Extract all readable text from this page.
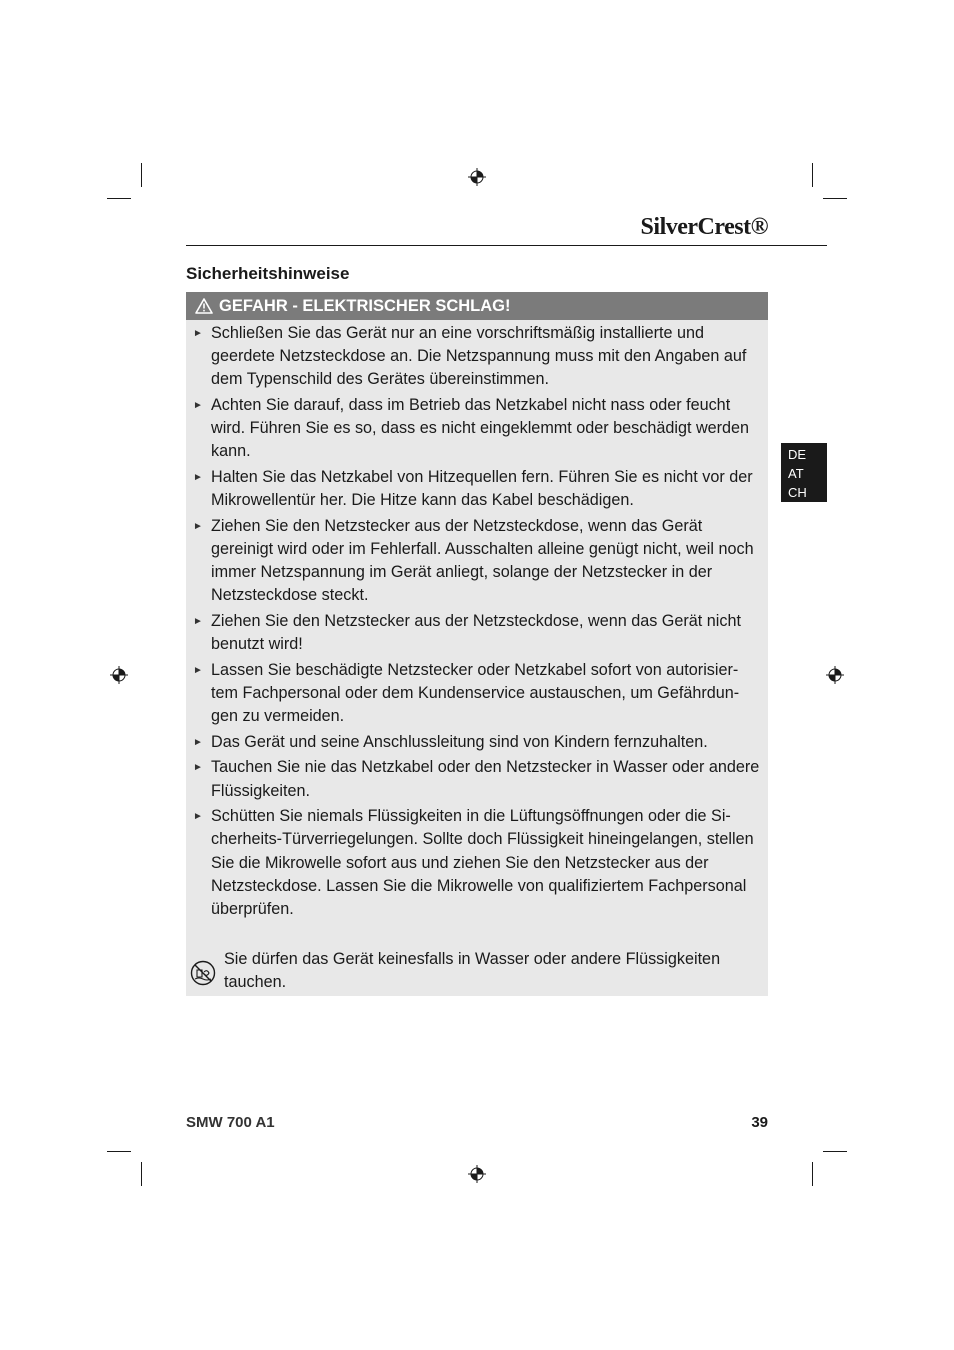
SilverCrest®
Sicherheitshinweise
GEFAHR - ELEKTRISCHER SCHLAG!
► Schließen Sie das Gerät nur an eine vorschriftsmäßig installierte und geerdete Netzsteckdose an. Die Netzspannung muss mit den Angaben auf dem Typenschild des Gerätes übereinstimmen.
► Achten Sie darauf, dass im Betrieb das Netzkabel nicht nass oder feucht wird. Führen Sie es so, dass es nicht eingeklemmt oder beschädigt werden kann.
► Halten Sie das Netzkabel von Hitzequellen fern. Führen Sie es nicht vor der Mikrowellentür her. Die Hitze kann das Kabel beschädigen.
► Ziehen Sie den Netzstecker aus der Netzsteckdose, wenn das Gerät gereinigt wird oder im Fehlerfall. Ausschalten alleine genügt nicht, weil noch immer Netzspannung im Gerät anliegt, solange der Netzstecker in der Netzsteckdose steckt.
► Ziehen Sie den Netzstecker aus der Netzsteckdose, wenn das Gerät nicht benutzt wird!
► Lassen Sie beschädigte Netzstecker oder Netzkabel sofort von autorisier-tem Fachpersonal oder dem Kundenservice austauschen, um Gefährdun-gen zu vermeiden.
► Das Gerät und seine Anschlussleitung sind von Kindern fernzuhalten.
► Tauchen Sie nie das Netzkabel oder den Netzstecker in Wasser oder andere Flüssigkeiten.
► Schütten Sie niemals Flüssigkeiten in die Lüftungsöffnungen oder die Si-cherheits-Türverriegelungen. Sollte doch Flüssigkeit hineingelangen, stellen Sie die Mikrowelle sofort aus und ziehen Sie den Netzstecker aus der Netzsteckdose. Lassen Sie die Mikrowelle von qualifiziertem Fachpersonal überprüfen.
Sie dürfen das Gerät keinesfalls in Wasser oder andere Flüssigkeiten tauchen.
DE
AT
CH
SMW 700 A1	39
